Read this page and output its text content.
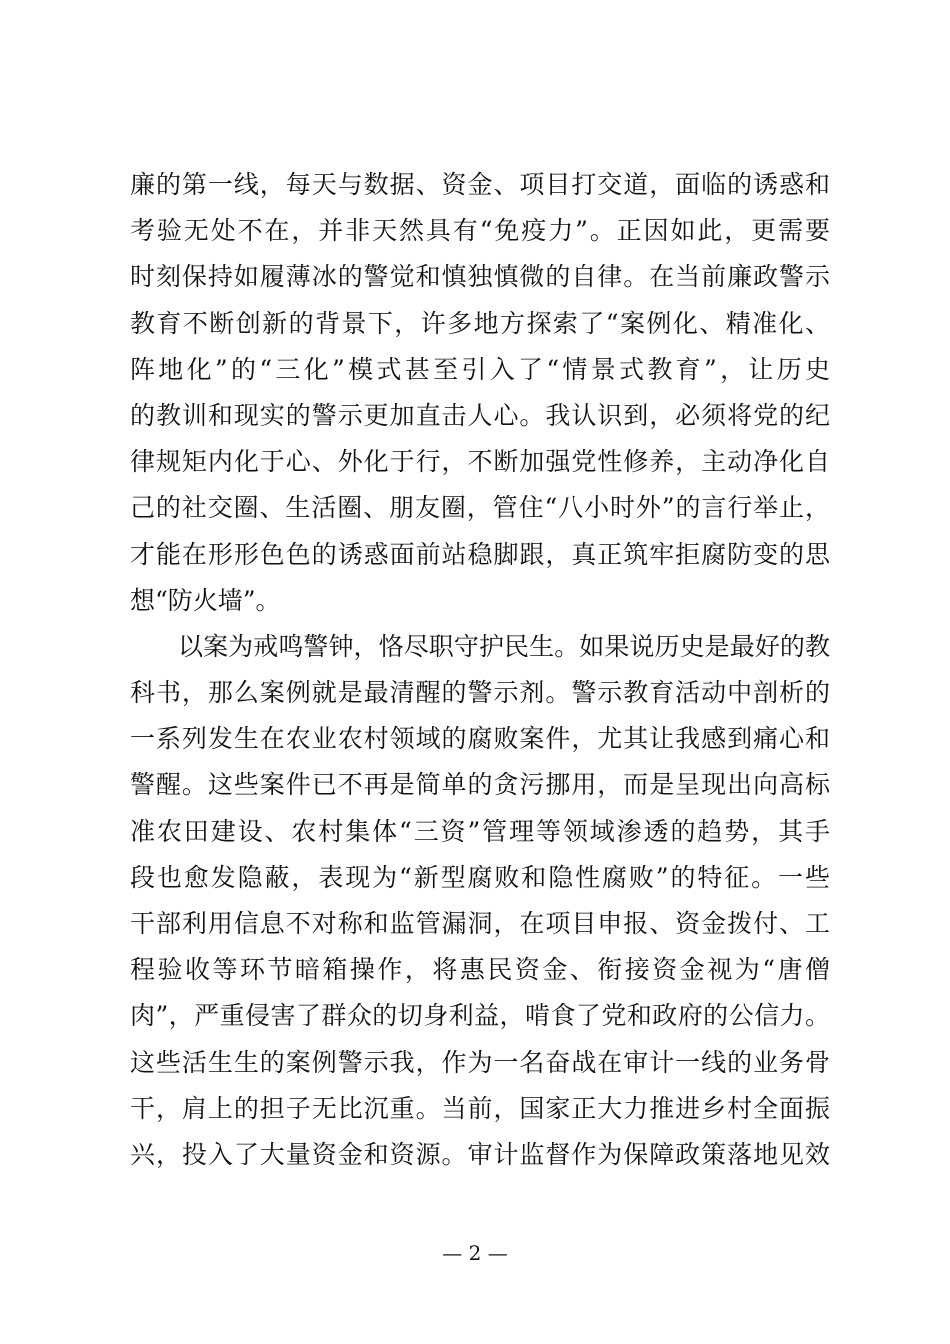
廉的第一线，每天与数据、资金、项目打交道，面临的诱惑和
考验无处不在，并非天然具有“免疫力”。正因如此，更需要
时刻保持如履薄冰的警觉和慎独慎微的自律。在当前廉政警示
教育不断创新的背景下，许多地方探索了“案例化、精准化、
阵地化”的“三化”模式甚至引入了“情景式教育”，让历史
的教训和现实的警示更加直击人心。我认识到，必须将党的纪
律规矩内化于心、外化于行，不断加强党性修养，主动净化自
己的社交圈、生活圈、朋友圈，管住“八小时外”的言行举止，
才能在形形色色的诱惑面前站稳脚跟，真正筑牢拒腐防变的思
想“防火墙”。
以案为戒鸣警钟，恪尽职守护民生。如果说历史是最好的教
科书，那么案例就是最清醒的警示剂。警示教育活动中剖析的
一系列发生在农业农村领域的腐败案件，尤其让我感到痛心和
警醒。这些案件已不再是简单的贪污挪用，而是呈现出向高标
准农田建设、农村集体“三资”管理等领域渗透的趋势，其手
段也愈发隐蔽，表现为“新型腐败和隐性腐败”的特征。一些
干部利用信息不对称和监管漏洞，在项目申报、资金拨付、工
程验收等环节暗箱操作，将惠民资金、衔接资金视为“唐僧
肉”，严重侵害了群众的切身利益，啃食了党和政府的公信力。
这些活生生的案例警示我，作为一名奋战在审计一线的业务骨
干，肩上的担子无比沉重。当前，国家正大力推进乡村全面振
兴，投入了大量资金和资源。审计监督作为保障政策落地见效
— 2 —
